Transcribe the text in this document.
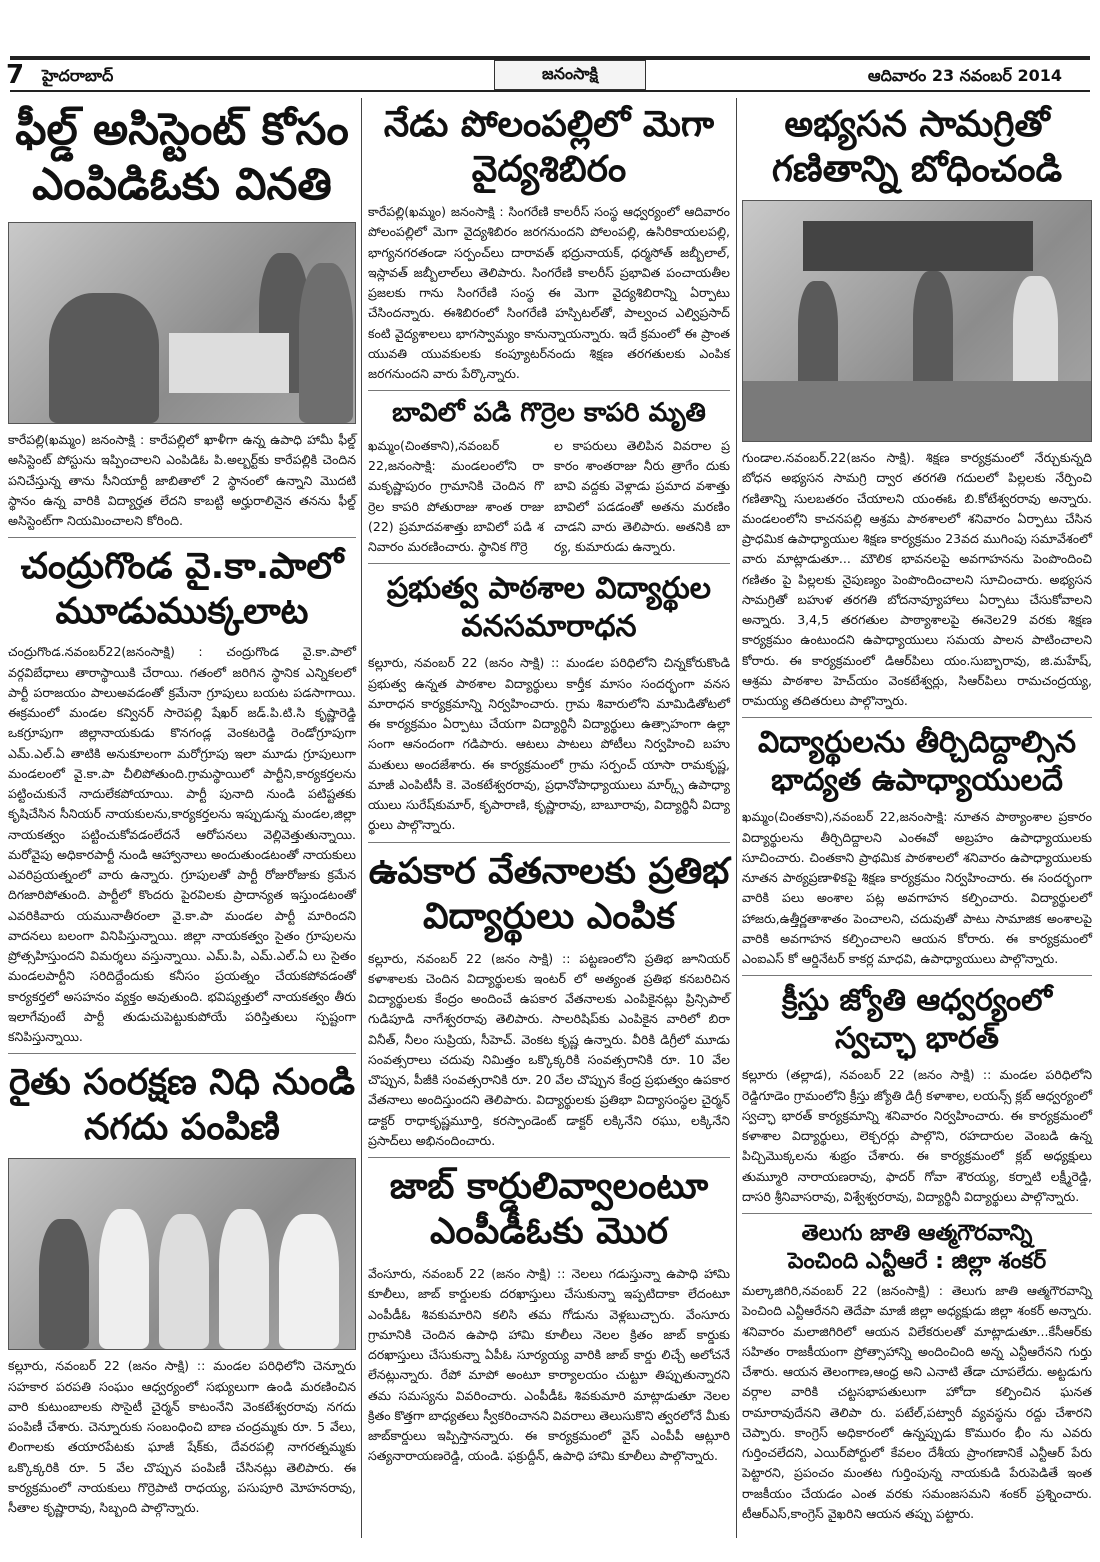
7 హైదరాబాద్	జనంసాక్షి	ఆదివారం 23 నవంబర్ 2014
ఫీల్డ్ అసిస్టెంట్ కోసం ఎంపిడిఓకు వినతి

కారేపల్లి(ఖమ్మం) జనంసాక్షి : కారేపల్లిలో ఖాళీగా ఉన్న ఉపాధి హామీ ఫీల్డ్ అసిస్టెంట్ పోస్టును ఇప్పించాలని ఎంపిడిఓ పి.అల్బర్ట్‌కు కారేపల్లికి చెందిన పనిచేస్తున్న తాను సీనియార్టీ జాబితాలో 2 స్థానంలో ఉన్నాని మొదటి స్థానం ఉన్న వారికి విద్యార్హత లేదని కాబట్టి అర్హురాలినైన తనను ఫీల్డ్ అసిస్టెంట్‌గా నియమించాలని కోరింది.

చంద్రుగొండ వై.కా.పాలో మూడుముక్కలాట

చంద్రుగొండ.నవంబర్22(జనంసాక్షి) : చంద్రుగొండ వై.కా.పాలో వర్గవిబేధాలు తారాస్థాయికి చేరాయి. గతంలో జరిగిన స్థానిక ఎన్నికలలో పార్టీ పరాజయం పాలుఅవడంతో క్రమేనా గ్రూపులు బయట పడసాగాయి. ఈక్రమంలో మండల కన్వినర్ సారెపల్లి షేఖర్ జడ్.పి.టి.సి కృష్ణారెడ్డి ఒకగ్రూపుగా జిల్లానాయకుడు కొనగండ్ల వెంకటరెడ్డి రెండోగ్రూపుగా ఎమ్.ఎల్.ఏ తాటికి అనుకూలంగా మరోగ్రూపు ఇలా మూడు గ్రూపులుగా మండలంలో వై.కా.పా చీలిపోతుంది.గ్రామస్థాయిలో పార్టీని,కార్యకర్తలను పట్టించుకునే నాదులేకపోయాయి. పార్టీ పునాది నుండి పటిష్టతకు కృషిచేసిన సీనియర్ నాయకులను,కార్యకర్తలను ఇప్పుడున్న మండల,జిల్లా నాయకత్వం పట్టించుకోవడంలేదనే ఆరోపనలు వెల్లివెత్తుతున్నాయి. మరోవైపు అధికారపార్టీ నుండి ఆహ్వానాలు అందుతుండటంతో నాయకులు ఎవరిప్రయత్నంలో వారు ఉన్నారు. గ్రూపులతో పార్టీ రోజురోజుకు క్రమేన దిగజారిపోతుంది. పార్టీలో కొందరు పైరవిలకు ప్రాదాన్యత ఇస్తుండటంతో ఎవరికివారు యమునాతీరంలా వై.కా.పా మండల పార్టీ మారిందని వాదనలు బలంగా వినిపిస్తున్నాయి. జిల్లా నాయకత్వం సైతం గ్రూపులను ప్రోత్సహిస్తుందని విమర్శలు వస్తున్నాయి. ఎమ్.పి, ఎమ్.ఎల్.ఏ లు సైతం మండలపార్టీని సరిదిద్దేందుకు కనీసం ప్రయత్నం చేయకపోవడంతో కార్యకర్తలో అసహనం వ్యక్తం అవుతుంది. భవిష్యత్తులో నాయకత్వం తీరు ఇలాగేవుంటే పార్టీ తుడుచుపెట్టుకుపోయే పరిస్తితులు స్పష్టంగా కనిపిస్తున్నాయి.

రైతు సంరక్షణ నిధి నుండి నగదు పంపిణి

కల్లూరు, నవంబర్ 22 (జనం సాక్షి) :: మండల పరిధిలోని చెన్నూరు సహకార పరపతి సంఘం ఆధ్వర్యంలో సభ్యులుగా ఉండి మరణించిన వారి కుటుంబాలకు సొసైటీ చైర్మన్ కాటంనేని వెంకటేశ్వరరావు నగదు పంపిణీ చేశారు. చెన్నూరుకు సంబంధించి బాణ చంద్రమ్మకు రూ. 5 వేలు, లింగాలకు తయారపేటకు ఘాజీ షేక్‌కు, దేవరపల్లి నాగరత్నమ్మకు ఒక్కొక్కరికి రూ. 5 వేల చొప్పున పంపిణీ చేసినట్లు తెలిపారు. ఈ కార్యక్రమంలో నాయకులు గొర్రెపాటి రాధయ్య, పసుపూరి మోహనరావు, సీతాల కృష్ణారావు, సిబ్బంది పాల్గొన్నారు.

నేడు పోలంపల్లిలో మెగా వైద్యశిబిరం

కారేపల్లి(ఖమ్మం) జనంసాక్షి : సింగరేణి కాలరీస్ సంస్థ ఆధ్వర్యంలో ఆదివారం పోలంపల్లిలో మెగా వైద్యశిబిరం జరగనుందని పోలంపల్లి, ఉసిరికాయలపల్లి, భాగ్యనగరతండా సర్పంచ్‌లు దారావత్ భద్రునాయక్, ధర్మసోత్ జబ్బీలాల్, ఇస్లావత్ జబ్బీలాల్‌లు తెలిపారు. సింగరేణి కాలరీస్ ప్రభావిత పంచాయతీల ప్రజలకు గాను సింగరేణి సంస్థ ఈ మెగా వైద్యశిబిరాన్ని ఏర్పాటు చేసిందన్నారు. ఈశిబిరంలో సింగరేణి హస్పిటల్‌తో, పాల్వంచ ఎల్విప్రసాద్ కంటి వైద్యశాలలు భాగస్వామ్యం కానున్నాయన్నారు. ఇదే క్రమంలో ఈ ప్రాంత యువతి యువకులకు కంప్యూటర్‌నందు శిక్షణ తరగతులకు ఎంపిక జరగనుందని వారు పేర్కొన్నారు.

బావిలో పడి గొర్రెల కాపరి మృతి

ఖమ్మం(చింతకాని),నవంబర్ 22,జనంసాక్షి: మండలంలోని రా మకృష్ణాపురం గ్రామానికి చెందిన గొ ర్రెల కాపరి పోతురాజు శాంత రాజు (22) ప్రమాదవశాత్తు బావిలో పడి శ నివారం మరణించారు. స్థానిక గొర్రె

ల కాపరులు తెలిపిన వివరాల ప్ర కారం శాంతరాజు నీరు త్రాగేం దుకు బావి వద్దకు వెళ్లాడు ప్రమాద వశాత్తు బావిలో పడడంతో అతను మరణిం చాడని వారు తెలిపారు. అతనికి బా ర్య, కుమారుడు ఉన్నారు.

ప్రభుత్వ పాఠశాల విద్యార్థుల వనసమారాధన

కల్లూరు, నవంబర్ 22 (జనం సాక్షి) :: మండల పరిధిలోని చిన్నకోరుకొండి ప్రభుత్వ ఉన్నత పాఠశాల విద్యార్థులు కార్తీక మాసం సందర్భంగా వనస మారాధన కార్యక్రమాన్ని నిర్వహించారు. గ్రామ శివారులోని మామిడితోటలో ఈ కార్యక్రమం ఏర్పాటు చేయగా విద్యార్థినీ విద్యార్థులు ఉత్సాహంగా ఉల్లా సంగా ఆనందంగా గడిపారు. ఆటలు పాటలు పోటీలు నిర్వహించి బహు మతులు అందజేశారు. ఈ కార్యక్రమంలో గ్రామ సర్పంచ్ యాసా రామకృష్ణ, మాజీ ఎంపిటీసీ కె. వెంకటేశ్వరరావు, ప్రధానోపాధ్యాయులు మార్క్స్ ఉపాధ్యా యులు సురేష్‌కుమార్, కృపారాణి, కృష్ణారావు, బాబూరావు, విద్యార్థినీ విద్యా ర్థులు పాల్గొన్నారు.

ఉపకార వేతనాలకు ప్రతిభ విద్యార్థులు ఎంపిక

కల్లూరు, నవంబర్ 22 (జనం సాక్షి) :: పట్టణంలోని ప్రతిభ జూనియర్ కళాశాలకు చెందిన విద్యార్థులకు ఇంటర్ లో అత్యంత ప్రతిభ కనబరిచిన విద్యార్థులకు కేంద్రం అందించే ఉపకార వేతనాలకు ఎంపికైనట్లు ప్రిన్సిపాల్ గుడిపూడి నాగేశ్వరరావు తెలిపారు. సాలరిషిప్‌కు ఎంపికైన వారిలో బిరా వినీత్, నీలం సుప్రియ, సీహెచ్. వెంకట కృష్ణ ఉన్నారు. వీరికి డిగ్రీలో మూడు సంవత్సరాలు చదువు నిమిత్తం ఒక్కొక్కరికి సంవత్సరానికి రూ. 10 వేల చొప్పున, పీజీకి సంవత్సరానికి రూ. 20 వేల చొప్పున కేంద్ర ప్రభుత్వం ఉపకార వేతనాలు అందిస్తుందని తెలిపారు. విద్యార్థులకు ప్రతిభా విద్యాసంస్థల చైర్మన్ డాక్టర్ రాధాకృష్ణమూర్తి, కరస్పాండెంట్ డాక్టర్ లక్కినేని రఘు, లక్కినేని ప్రసాద్‌లు అభినందించారు.

జాబ్ కార్డులివ్వాలంటూ ఎంపీడీఓకు మొర

వేంసూరు, నవంబర్ 22 (జనం సాక్షి) :: నెలలు గడుస్తున్నా ఉపాధి హామి కూలీలు, జాబ్ కార్డులకు దరఖాస్తులు చేసుకున్నా ఇప్పటిదాకా లేదంటూ ఎంపీడీఓ శివకుమారిని కలిసి తమ గోడును వెళ్లబుచ్చారు. వేంసూరు గ్రామానికి చెందిన ఉపాధి హామి కూలీలు నెలల క్రితం జాబ్ కార్డుకు దరఖాస్తులు చేసుకున్నా ఏపీఓ సూర్యయ్య వారికి జాబ్ కార్డు లిచ్చే అలోచనే లేనట్లున్నారు. రేపో మాపో అంటూ కార్యాలయం చుట్టూ తిప్పుతున్నారని తమ సమస్యను వివరించారు. ఎంపీడీఓ శివకుమారి మాట్లాడుతూ నెలల క్రితం కొత్తగా బాధ్యతలు స్వీకరించానని వివరాలు తెలుసుకొని త్వరలోనే మీకు జాబ్‌కార్డులు ఇప్పిస్తానన్నారు. ఈ కార్యక్రమంలో వైస్ ఎంపీపీ ఆట్లూరి సత్యనారాయణరెడ్డి, యండి. ఫక్రుద్దీన్, ఉపాధి హామి కూలీలు పాల్గొన్నారు.

అభ్యసన సామగ్రితో గణితాన్ని బోధించండి

గుండాల.నవంబర్.22(జనం సాక్షి). శిక్షణ కార్యక్రమంలో నేర్చుకున్నది బోధన అభ్యసన సామగ్రి ద్వార తరగతి గదులలో పిల్లలకు నేర్పించి గణితాన్ని సులబతరం చేయాలని యంఈఓ బి.కోటేశ్వరరావు అన్నారు. మండలంలోని కాచనపల్లి ఆశ్రమ పాఠశాలలో శనివారం ఏర్పాటు చేసిన ప్రాధమిక ఉపాధ్యాయుల శిక్షణ కార్యక్రమం 23వద ముగింపు సమావేశంలో వారు మాట్లాడుతూ... మౌలిక భావనలపై అవగాహనను పెంపొందించి గణితం పై పిల్లలకు నైపుణ్యం పెంపొందించాలని సూచించారు. అభ్యసన సామగ్రితో బహుళ తరగతి బోదనావ్యూహాలు ఏర్పాటు చేసుకోవాలని అన్నారు. 3,4,5 తరగతుల పాఠ్యాశాలపై ఈనెల29 వరకు శిక్షణ కార్యక్రమం ఉంటుందని ఉపాధ్యాయులు సమయ పాలన పాటించాలని కోరారు. ఈ కార్యక్రమంలో డిఆర్‌పిలు యం.సుబ్బారావు, జి.మహేష్, ఆశ్రమ పాఠశాల హెచ్‌యం వెంకటేశ్వర్లు, సిఆర్‌పిలు రామచంద్రయ్య, రామయ్య తదితరులు పాల్గొన్నారు.

విద్యార్థులను తీర్చిదిద్దాల్సిన భాద్యత ఉపాధ్యాయులదే

ఖమ్మం(చింతకాని),నవంబర్ 22,జనంసాక్షి: నూతన పాఠ్యాంశాల ప్రకారం విద్యార్థులను తీర్చిదిద్దాలని ఎంఈవో అబ్రహం ఉపాధ్యాయులకు సూచించారు. చింతకాని ప్రాథమిక పాఠశాలలో శనివారం ఉపాధ్యాయులకు నూతన పాఠ్యప్రణాళికపై శిక్షణ కార్యక్రమం నిర్వహించారు. ఈ సందర్భంగా వారికి పలు అంశాల పట్ల అవగాహన కల్పించారు. విద్యార్థులలో హాజరు,ఉత్తీర్ణతాశాతం పెంచాలని, చదువుతో పాటు సామాజిక అంశాలపై వారికి అవగాహన కల్పించాలని ఆయన కోరారు. ఈ కార్యక్రమంలో ఎంఐఎస్ కో ఆర్డినేటర్ కాకర్ల మాధవి, ఉపాధ్యాయులు పాల్గొన్నారు.

క్రీస్తు జ్యోతి ఆధ్వర్యంలో స్వచ్ఛా భారత్

కల్లూరు (తల్లాడ), నవంబర్ 22 (జనం సాక్షి) :: మండల పరిధిలోని రెడ్డిగూడెం గ్రామంలోని క్రీస్తు జ్యోతి డిగ్రీ కళాశాల, లయన్స్ క్లబ్ ఆధ్వర్యంలో స్వచ్ఛా భారత్ కార్యక్రమాన్ని శనివారం నిర్వహించారు. ఈ కార్యక్రమంలో కళాశాల విద్యార్థులు, లెక్చరర్లు పాల్గొని, రహదారుల వెంబడి ఉన్న పిచ్చిమొక్కలను శుభ్రం చేశారు. ఈ కార్యక్రమంలో క్లబ్ అధ్యక్షులు తుమ్మూరి నారాయణరావు, ఫాదర్ గోవా శౌరయ్య, కర్నాటి లక్ష్మీరెడ్డి, దాసరి శ్రీనివాసరావు, విశ్వేశ్వరరావు, విద్యార్థినీ విద్యార్థులు పాల్గొన్నారు.

తెలుగు జాతి ఆత్మగౌరవాన్ని
పెంచింది ఎన్టీఆరే : జిల్లా శంకర్

మల్కాజిగిరి,నవంబర్ 22 (జనంసాక్షి) : తెలుగు జాతి ఆత్మగౌరవాన్ని పెంచింది ఎన్టీఆరేనని తెదేపా మాజీ జిల్లా అధ్యక్షుడు జిల్లా శంకర్ అన్నారు. శనివారం మలాజిగిరిలో ఆయన విలేకరులతో మాట్లాడుతూ...కేసీఆర్‌కు సహితం రాజకీయంగా ప్రోత్సాహాన్ని అందించింది అన్న ఎన్టీఆరేనని గుర్తు చేశారు. ఆయన తెలంగాణ,ఆంధ్ర అని ఎనాటి తేడా చూపలేదు. అట్టడుగు వర్గాల వారికి చట్టసభాపతులుగా హోదా కల్పించిన ఘనత రామారావుదేనని తెలిపా రు. పటేల్,పట్వారీ వ్యవస్థను రద్దు చేశారని చెప్పారు. కాంగ్రెస్ అధికారంలో ఉన్నప్పుడు కొమురం భీం ను ఎవరు గుర్తించలేదని, ఎయిర్‌పోర్టులో కేవలం దేశీయ ప్రాంగణానికే ఎన్టీఆర్ పేరు పెట్టారని, ప్రపంచం మంతట గుర్తింపున్న నాయకుడి పేరుపెడితే ఇంత రాజకీయం చేయడం ఎంత వరకు సమంజసమని శంకర్ ప్రశ్నించారు. టీఆర్ఎస్,కాంగ్రెస్ వైఖరిని ఆయన తప్పు పట్టారు.
